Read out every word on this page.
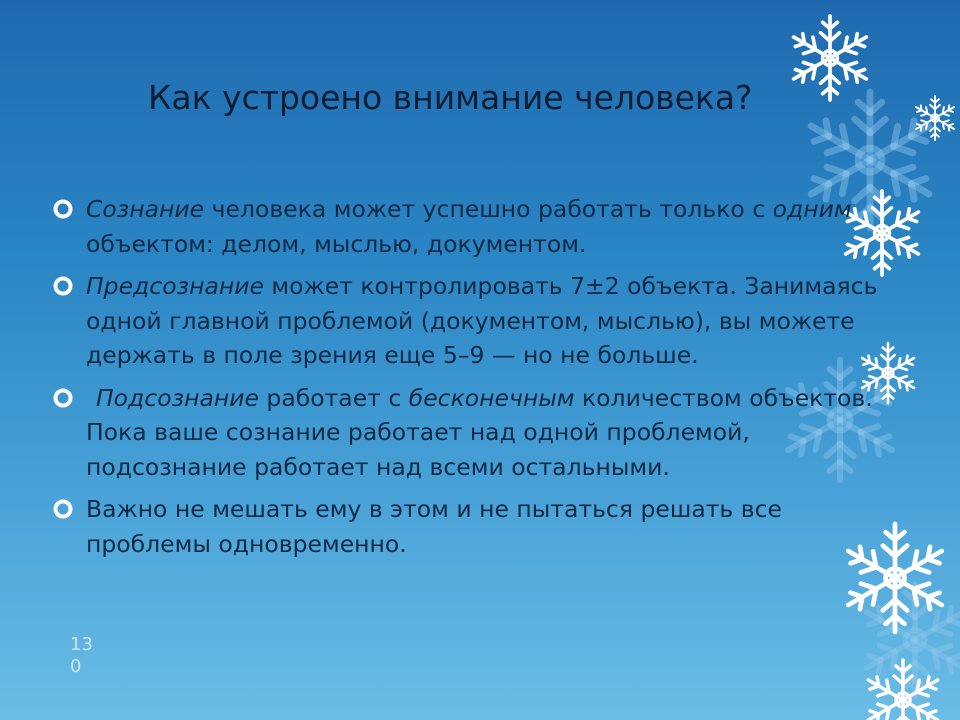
Как устроено внимание человека?
Сознание человека может успешно работать только с одним объектом: делом, мыслью, документом.
Предсознание может контролировать 7±2 объекта. Занимаясь одной главной проблемой (документом, мыслью), вы можете держать в поле зрения еще 5–9 — но не больше.
Подсознание работает с бесконечным количеством объектов. Пока ваше сознание работает над одной проблемой, подсознание работает над всеми остальными.
Важно не мешать ему в этом и не пытаться решать все проблемы одновременно.
13
0
